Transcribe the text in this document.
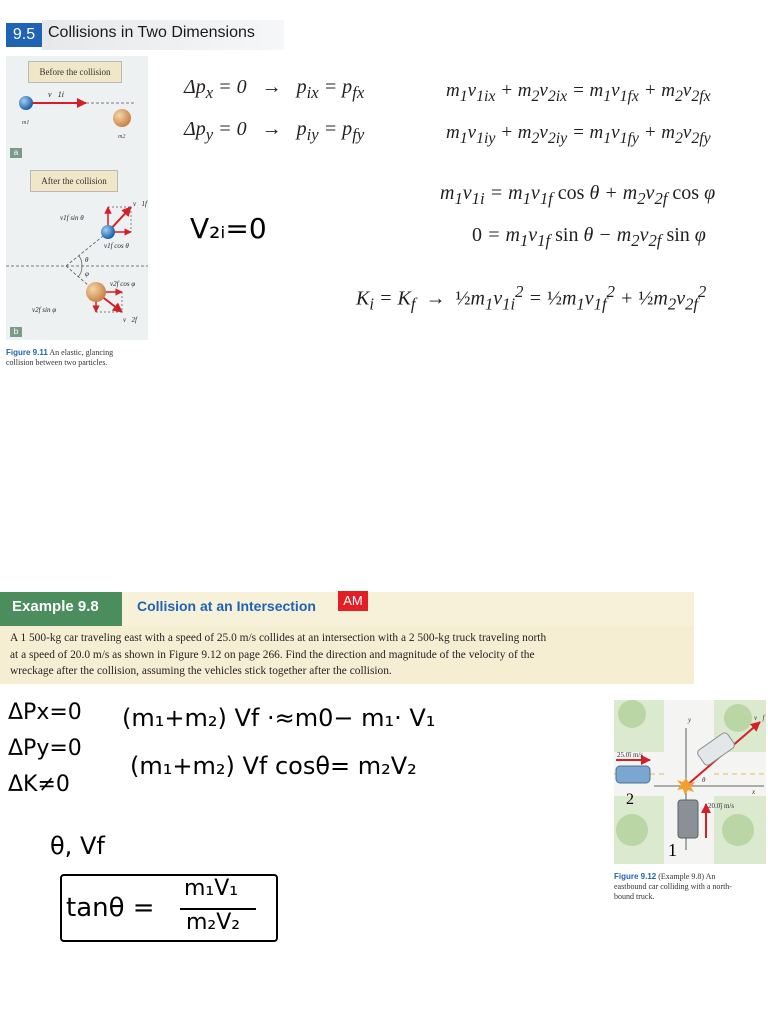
9.5 Collisions in Two Dimensions
Before the collision
a
After the collision
b
v⃗1i
m1
m2
v⃗1f
v1f sin θ
v1f cos θ
θ
φ
v2f cos φ
v2f sin φ
v⃗2f
Figure 9.11 An elastic, glancing
collision between two particles.
$\Delta p_x = 0 \to p_{ix} = p_{fx}$
$\Delta p_y = 0 \to p_{iy} = p_{fy}$
$m_1v_{1ix} + m_2v_{2ix} = m_1v_{1fx} + m_2v_{2fx}$
$m_1v_{1iy} + m_2v_{2iy} = m_1v_{1fy} + m_2v_{2fy}$
$m_1v_{1i} = m_1v_{1f}$ $\cos \theta + m_2v_{2f}$ cos φ
$0 = m_1v_{1f}$ $\sin \theta - m_2v_{2f}$ sin φ
$K_i = K_f$  →  $\frac{1}{2}m_1v_{1i}^2$ = $\frac{1}{2}m_1v_{1f}^2$ + $\frac{1}{2}m_2v_{2f}^2$
V₂ᵢ=0
Example 9.8	Collision at an Intersection	AM
A 1 500-kg car traveling east with a speed of 25.0 m/s collides at an intersection with a 2 500-kg truck traveling north
at a speed of 20.0 m/s as shown in Figure 9.12 on page 266. Find the direction and magnitude of the velocity of the
wreckage after the collision, assuming the vehicles stick together after the collision.
ΔPx=0
ΔPy=0
ΔK≠0
(m₁+m₂) Vf ·≈m0− m₁· V₁
(m₁+m₂) Vf cosθ= m₂V₂
θ, Vf
tanθ =
m₁V₁
m₂V₂
25.0î m/s
20.0ĵ m/s
x
y
θ
v⃗f
2
1
Figure 9.12 (Example 9.8) An
eastbound car colliding with a north-
bound truck.
